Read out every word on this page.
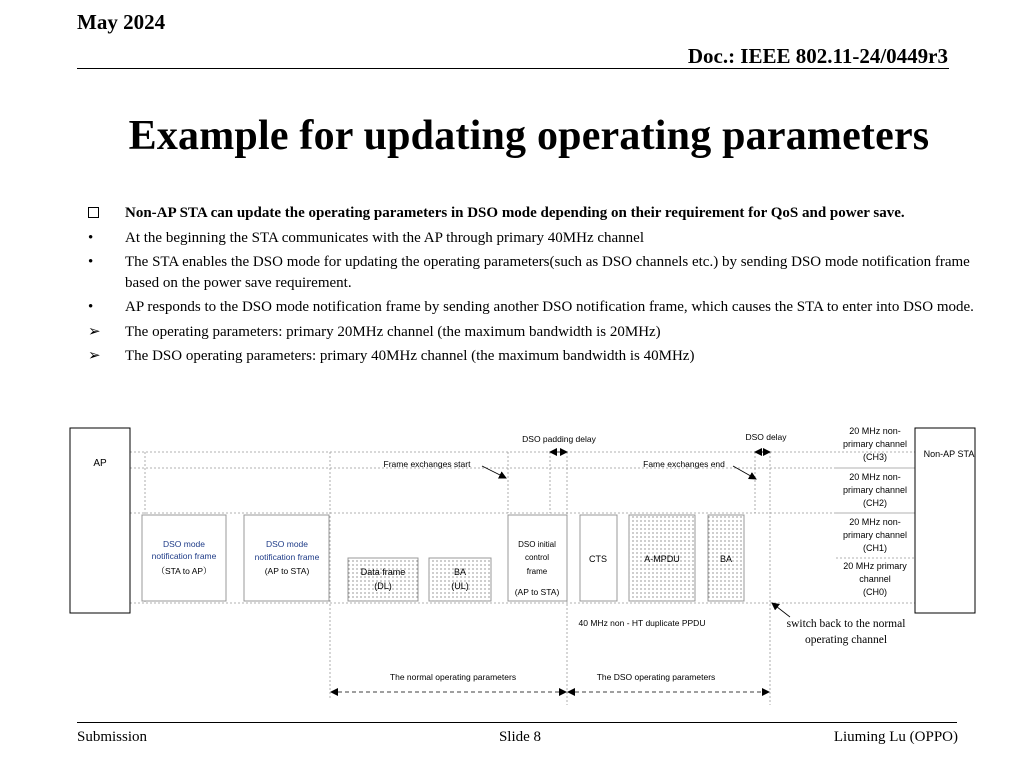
May 2024
Doc.: IEEE 802.11-24/0449r3
Example for updating operating parameters
Non-AP STA can update the operating parameters in DSO mode depending on their requirement for QoS and power save.
•	At the beginning the STA communicates with the AP through primary 40MHz channel
•	The STA enables the DSO mode for updating the operating parameters(such as DSO channels etc.) by sending DSO mode notification frame based on the power save requirement.
•	AP responds to the DSO mode notification frame by sending another DSO notification frame, which causes the STA to enter into DSO mode.
➢	The operating parameters: primary 20MHz channel (the maximum bandwidth is 20MHz)
➢	The DSO operating parameters: primary 40MHz channel (the maximum bandwidth is 40MHz)
AP
Non-AP STA
20 MHz non-
primary channel
(CH3)
20 MHz non-
primary channel
(CH2)
20 MHz non-
primary channel
(CH1)
20 MHz primary
channel
(CH0)
DSO mode
notification frame
（STA to AP）
DSO mode
notification frame
(AP to STA)	Data frame
(DL)
BA
(UL)
DSO initial
control
frame
(AP to STA)
CTS	A-MPDU	BA
DSO padding delay	DSO delay
Frame exchanges start	Fame exchanges end
40 MHz non - HT duplicate PPDU	switch back to the normal
operating channel
The normal operating parameters	The DSO operating parameters
Submission	Slide 8	Liuming Lu (OPPO)
